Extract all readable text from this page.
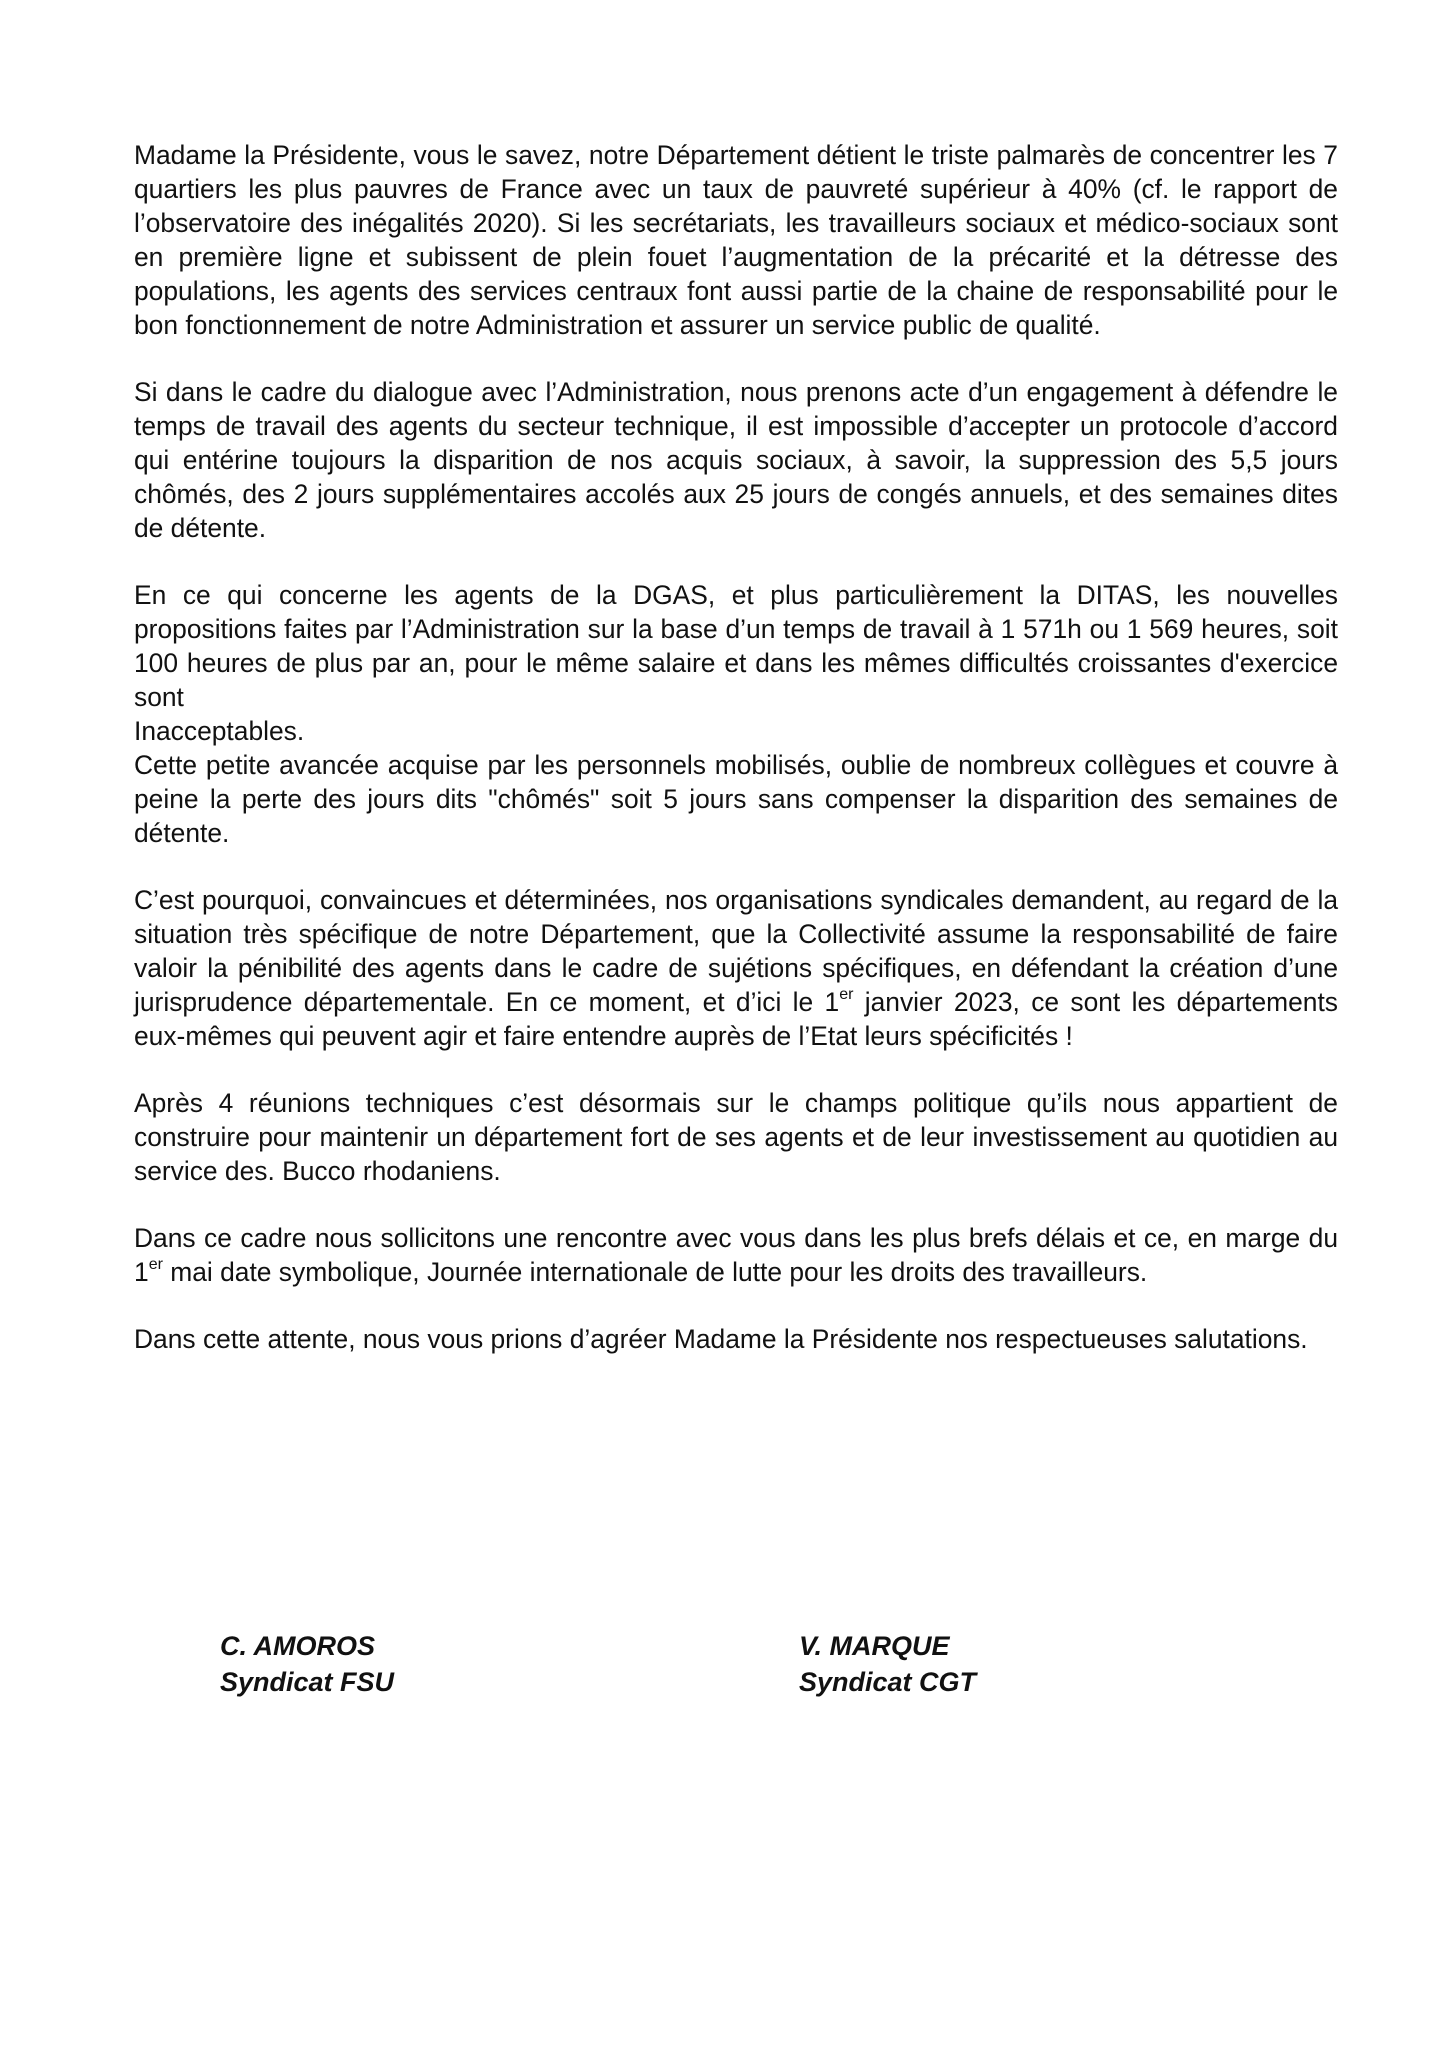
Madame la Présidente, vous le savez, notre Département détient le triste palmarès de concentrer les 7 quartiers les plus pauvres de France avec un taux de pauvreté supérieur à 40% (cf. le rapport de l’observatoire des inégalités 2020). Si les secrétariats, les travailleurs sociaux et médico-sociaux sont en première ligne et subissent de plein fouet l’augmentation de la précarité et la détresse des populations, les agents des services centraux font aussi partie de la chaine de responsabilité pour le bon fonctionnement de notre Administration et assurer un service public de qualité.

Si dans le cadre du dialogue avec l’Administration, nous prenons acte d’un engagement à défendre le temps de travail des agents du secteur technique, il est impossible d’accepter un protocole d’accord qui entérine toujours la disparition de nos acquis sociaux, à savoir, la suppression des 5,5 jours chômés, des 2 jours supplémentaires accolés aux 25 jours de congés annuels, et des semaines dites de détente.

En ce qui concerne les agents de la DGAS, et plus particulièrement la DITAS, les nouvelles propositions faites par l’Administration sur la base d’un temps de travail à 1 571h ou 1 569 heures, soit 100 heures de plus par an, pour le même salaire et dans les mêmes difficultés croissantes d'exercice sont
Inacceptables.
Cette petite avancée acquise par les personnels mobilisés, oublie de nombreux collègues et couvre à peine la perte des jours dits "chômés" soit 5 jours sans compenser la disparition des semaines de détente.

C’est pourquoi, convaincues et déterminées, nos organisations syndicales demandent, au regard de la situation très spécifique de notre Département, que la Collectivité assume la responsabilité de faire valoir la pénibilité des agents dans le cadre de sujétions spécifiques, en défendant la création d’une jurisprudence départementale. En ce moment, et d’ici le 1er janvier 2023, ce sont les départements eux-mêmes qui peuvent agir et faire entendre auprès de l’Etat leurs spécificités !

Après 4 réunions techniques c’est désormais sur le champs politique qu’ils nous appartient de construire pour maintenir un département fort de ses agents et de leur investissement au quotidien au service des. Bucco rhodaniens.

Dans ce cadre nous sollicitons une rencontre avec vous dans les plus brefs délais et ce, en marge du 1er mai date symbolique, Journée internationale de lutte pour les droits des travailleurs.

Dans cette attente, nous vous prions d’agréer Madame la Présidente nos respectueuses salutations.

C. AMOROS
Syndicat FSU
V. MARQUE
Syndicat CGT
